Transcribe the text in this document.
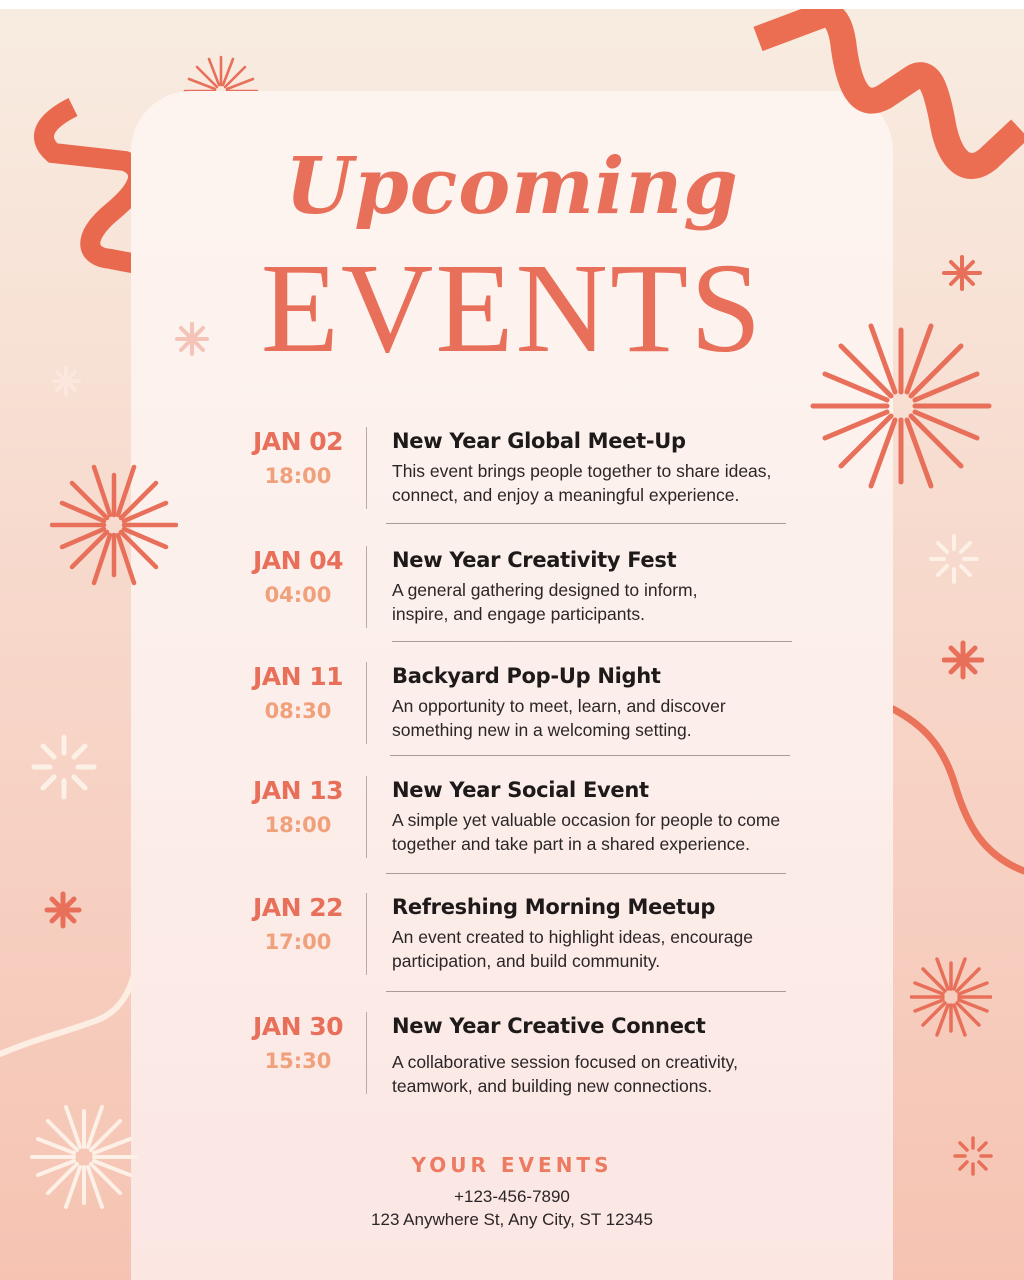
Upcoming
EVENTS
JAN 02
18:00
New Year Global Meet-Up
This event brings people together to share ideas,
connect, and enjoy a meaningful experience.
JAN 04
04:00
New Year Creativity Fest
A general gathering designed to inform,
inspire, and engage participants.
JAN 11
08:30
Backyard Pop-Up Night
An opportunity to meet, learn, and discover
something new in a welcoming setting.
JAN 13
18:00
New Year Social Event
A simple yet valuable occasion for people to come
together and take part in a shared experience.
JAN 22
17:00
Refreshing Morning Meetup
An event created to highlight ideas, encourage
participation, and build community.
JAN 30
15:30
New Year Creative Connect
A collaborative session focused on creativity,
teamwork, and building new connections.
YOUR EVENTS
+123-456-7890
123 Anywhere St, Any City, ST 12345
